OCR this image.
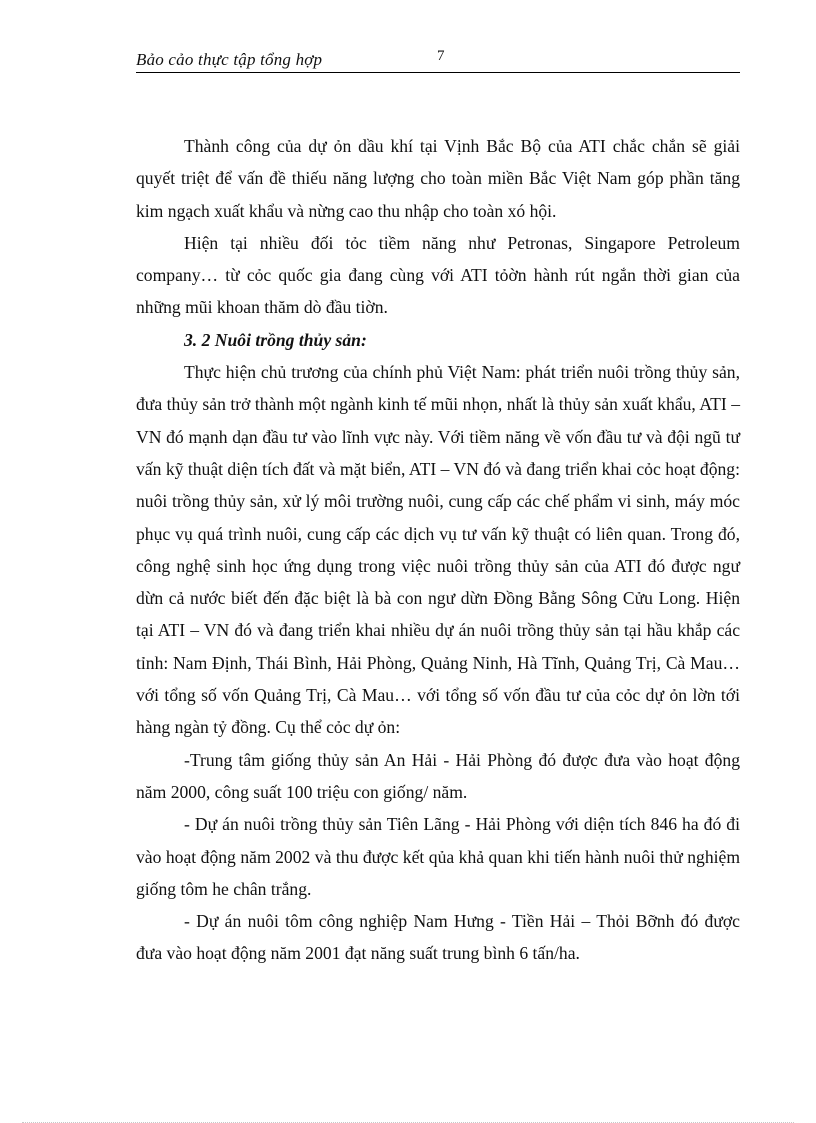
Bảo cảo thực tập tổng hợp	7

Thành công của dự ỏn dầu khí tại Vịnh Bắc Bộ của ATI chắc chắn sẽ giải quyết triệt để vấn đề thiếu năng lượng cho toàn miền Bắc Việt Nam góp phần tăng kim ngạch xuất khẩu và nừng cao thu nhập cho toàn xó hội.

Hiện tại nhiều đối tỏc tiềm năng như Petronas, Singapore Petroleum company… từ cỏc quốc gia đang cùng với ATI tỏờn hành rút ngắn thời gian của những mũi khoan thăm dò đầu tiờn.

3. 2 Nuôi trồng thủy sản:

Thực hiện chủ trương của chính phủ Việt Nam: phát triển nuôi trồng thủy sản, đưa thủy sản trở thành một ngành kinh tế mũi nhọn, nhất là thủy sản xuất khẩu, ATI – VN đó mạnh dạn đầu tư vào lĩnh vực này. Với tiềm năng về vốn đầu tư và đội ngũ tư vấn kỹ thuật diện tích đất và mặt biển, ATI – VN đó và đang triển khai cỏc hoạt động: nuôi trồng thủy sản, xử lý môi trường nuôi, cung cấp các chế phẩm vi sinh, máy móc phục vụ quá trình nuôi, cung cấp các dịch vụ tư vấn kỹ thuật có liên quan. Trong đó, công nghệ sinh học ứng dụng trong việc nuôi trồng thủy sản của ATI đó được ngư dừn cả nước biết đến đặc biệt là bà con ngư dừn Đồng Bằng Sông Cửu Long. Hiện tại ATI – VN đó và đang triển khai nhiều dự án nuôi trồng thủy sản tại hầu khắp các tỉnh: Nam Định, Thái Bình, Hải Phòng, Quảng Ninh, Hà Tĩnh, Quảng Trị, Cà Mau… với tổng số vốn Quảng Trị, Cà Mau… với tổng số vốn đầu tư của cỏc dự ỏn lờn tới hàng ngàn tỷ đồng. Cụ thể cỏc dự ỏn:

-Trung tâm giống thủy sản An Hải - Hải Phòng đó được đưa vào hoạt động năm 2000, công suất 100 triệu con giống/ năm.

- Dự án nuôi trồng thủy sản Tiên Lãng - Hải Phòng với diện tích 846 ha đó đi vào hoạt động năm 2002 và thu được kết qủa khả quan khi tiến hành nuôi thử nghiệm giống tôm he chân trắng.

- Dự án nuôi tôm công nghiệp Nam Hưng - Tiền Hải – Thỏi Bỡnh đó được đưa vào hoạt động năm 2001 đạt năng suất trung bình 6 tấn/ha.
